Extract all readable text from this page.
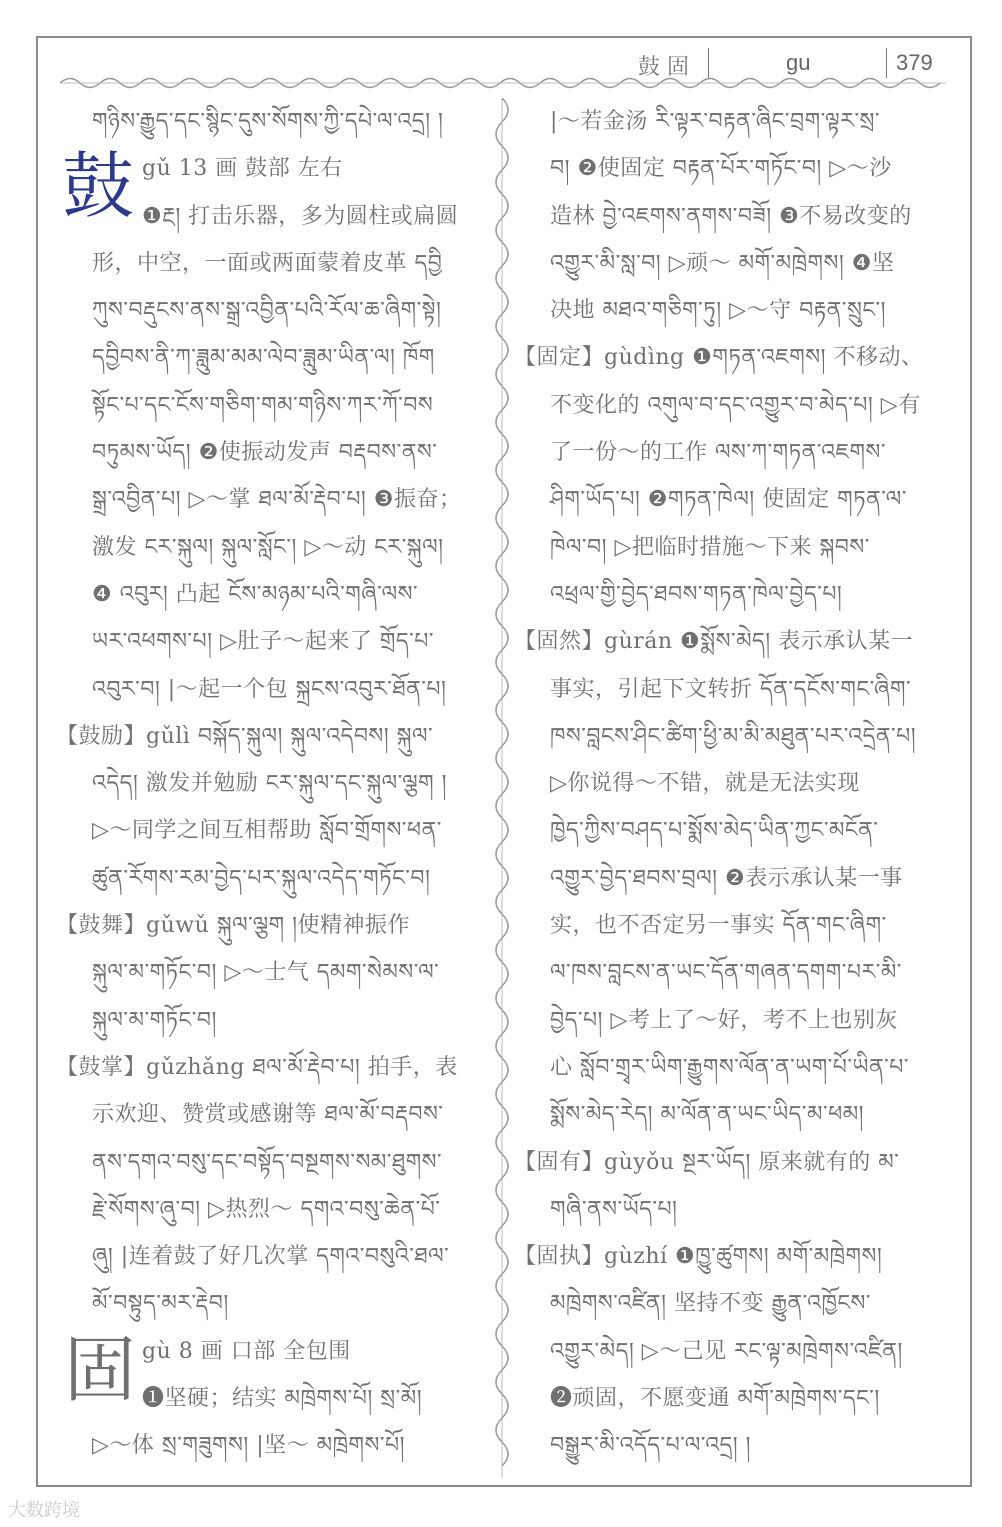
鼓 固	gu	379
鼓
固
གཉིས་རྒྱུད་དང་སྙིང་དུས་སོགས་ཀྱི་དཔེ་ལ་འདྲ། །
gǔ 13 画 鼓部 左右
❶རྔ། 打击乐器，多为圆柱或扁圆
形，中空，一面或两面蒙着皮革 དབྱི
ཀུས་བརྡུངས་ནས་སྒྲ་འབྱིན་པའི་རོལ་ཆ་ཞིག་སྟེ།
དབྱིབས་ནི་ཀ་ཟླུམ་མམ་ལེབ་ཟླུམ་ཡིན་ལ། ཁོག
སྟོང་པ་དང་ངོས་གཅིག་གམ་གཉིས་ཀར་ཀོ་བས
བཏུམས་ཡོད། ❷使振动发声 བརྡབས་ནས་
སྒྲ་འབྱིན་པ། ▷～掌 ཐལ་མོ་རྡེབ་པ། ❸振奋；
激发 ངར་སྐུལ། སྐུལ་སློང་། ▷～动 ངར་སྐུལ།
❹ འབུར། 凸起 ངོས་མཉམ་པའི་གཞི་ལས་
ཡར་འཕགས་པ། ▷肚子～起来了 གྲོད་པ་
འབུར་བ། |～起一个包 སྐྲངས་འབུར་ཐོན་པ།
【鼓励】gǔlì བསྐོད་སྐུལ། སྐུལ་འདེབས། སྐུལ་
འདེད། 激发并勉励 ངར་སྐུལ་དང་སྐུལ་ལྕག །
▷～同学之间互相帮助 སློབ་གྲོགས་ཕན་
ཚུན་རོགས་རམ་བྱེད་པར་སྐུལ་འདེད་གཏོང་བ།
【鼓舞】gǔwǔ སྐུལ་ལྕག །使精神振作
སྐུལ་མ་གཏོང་བ། ▷～士气 དམག་སེམས་ལ་
སྐུལ་མ་གཏོང་བ།
【鼓掌】gǔzhǎng ཐལ་མོ་རྡེབ་པ། 拍手，表
示欢迎、赞赏或感谢等 ཐལ་མོ་བརྡབས་
ནས་དགའ་བསུ་དང་བསྟོད་བསྔགས་སམ་ཐུགས་
རྗེ་སོགས་ཞུ་བ། ▷热烈～ དགའ་བསུ་ཆེན་པོ་
ཞུ། |连着鼓了好几次掌 དགའ་བསུའི་ཐལ་
མོ་བསྟུད་མར་རྡེབ།
gù 8 画 口部 全包围
❶坚硬；结实 མཁྲེགས་པོ། སྲ་མོ།
▷～体 སྲ་གཟུགས། |坚～ མཁྲེགས་པོ།
|～若金汤 རི་ལྟར་བརྟན་ཞིང་བྲག་ལྟར་སྲ་
བ། ❷使固定 བརྟན་པོར་གཏོང་བ། ▷～沙
造林 བྱེ་འཇགས་ནགས་བཟོ། ❸不易改变的
འགྱུར་མི་སླ་བ། ▷顽～ མགོ་མཁྲེགས། ❹坚
决地 མཐའ་གཅིག་ཏུ། ▷～守 བརྟན་སྲུང་།
【固定】gùdìng ❶གཏན་འཇགས། 不移动、
不变化的 འགུལ་བ་དང་འགྱུར་བ་མེད་པ། ▷有
了一份～的工作 ལས་ཀ་གཏན་འཇགས་
ཤིག་ཡོད་པ། ❷གཏན་ཁེལ། 使固定 གཏན་ལ་
ཁེལ་བ། ▷把临时措施～下来 སྐབས་
འཕྲལ་གྱི་བྱེད་ཐབས་གཏན་ཁེལ་བྱེད་པ།
【固然】gùrán ❶སྨོས་མེད། 表示承认某一
事实，引起下文转折 དོན་དངོས་གང་ཞིག་
ཁས་བླངས་ཤིང་ཚིག་ཕྱི་མ་མི་མཐུན་པར་འདྲེན་པ།
▷你说得～不错，就是无法实现
ཁྱེད་ཀྱིས་བཤད་པ་སྨོས་མེད་ཡིན་ཀྱང་མངོན་
འགྱུར་བྱེད་ཐབས་བྲལ། ❷表示承认某一事
实，也不否定另一事实 དོན་གང་ཞིག་
ལ་ཁས་བླངས་ན་ཡང་དོན་གཞན་དགག་པར་མི་
བྱེད་པ། ▷考上了～好，考不上也别灰
心 སློབ་གྲྭར་ཡིག་རྒྱུགས་ལོན་ན་ཡག་པོ་ཡིན་པ་
སྨོས་མེད་རེད། མ་ལོན་ན་ཡང་ཡིད་མ་ཕམ།
【固有】gùyǒu སྔར་ཡོད། 原来就有的 མ་
གཞི་ནས་ཡོད་པ།
【固执】gùzhí ❶ཁྱུ་ཚུགས། མགོ་མཁྲེགས།
མཁྲེགས་འཛིན། 坚持不变 རྒྱུན་འཁྱོངས་
འགྱུར་མེད། ▷～己见 རང་ལྟ་མཁྲེགས་འཛིན།
❷顽固，不愿变通 མགོ་མཁྲེགས་དང་།
བསྒྱུར་མི་འདོད་པ་ལ་འདྲ། །
大数跨境
